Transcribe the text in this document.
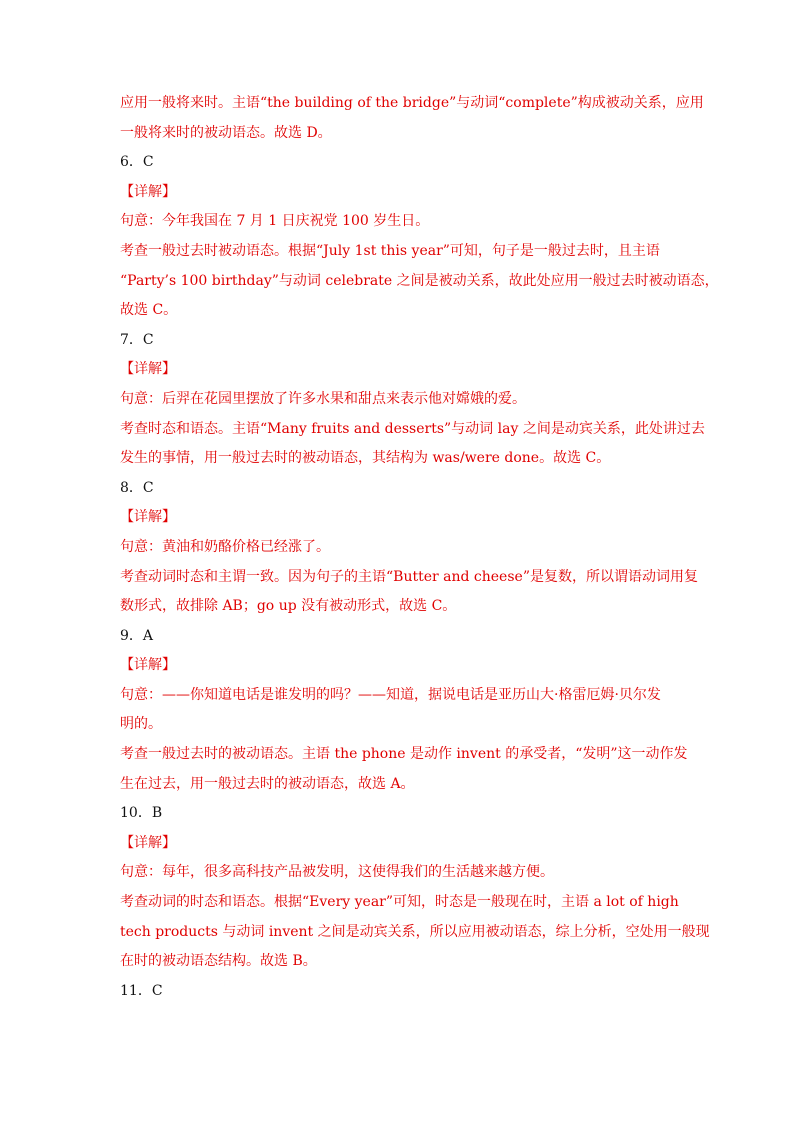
应用一般将来时。主语“the building of the bridge”与动词“complete”构成被动关系，应用
一般将来时的被动语态。故选 D。
6．C
【详解】
句意：今年我国在 7 月 1 日庆祝党 100 岁生日。
考查一般过去时被动语态。根据“July 1st this year”可知，句子是一般过去时，且主语
“Party’s 100 birthday”与动词 celebrate 之间是被动关系，故此处应用一般过去时被动语态，
故选 C。
7．C
【详解】
句意：后羿在花园里摆放了许多水果和甜点来表示他对嫦娥的爱。
考查时态和语态。主语“Many fruits and desserts”与动词 lay 之间是动宾关系，此处讲过去
发生的事情，用一般过去时的被动语态，其结构为 was/were done。故选 C。
8．C
【详解】
句意：黄油和奶酪价格已经涨了。
考查动词时态和主谓一致。因为句子的主语“Butter and cheese”是复数，所以谓语动词用复
数形式，故排除 AB；go up 没有被动形式，故选 C。
9．A
【详解】
句意：——你知道电话是谁发明的吗？——知道，据说电话是亚历山大·格雷厄姆·贝尔发
明的。
考查一般过去时的被动语态。主语 the phone 是动作 invent 的承受者，“发明”这一动作发
生在过去，用一般过去时的被动语态，故选 A。
10．B
【详解】
句意：每年，很多高科技产品被发明，这使得我们的生活越来越方便。
考查动词的时态和语态。根据“Every year”可知，时态是一般现在时，主语 a lot of high
tech products 与动词 invent 之间是动宾关系，所以应用被动语态，综上分析，空处用一般现
在时的被动语态结构。故选 B。
11．C
